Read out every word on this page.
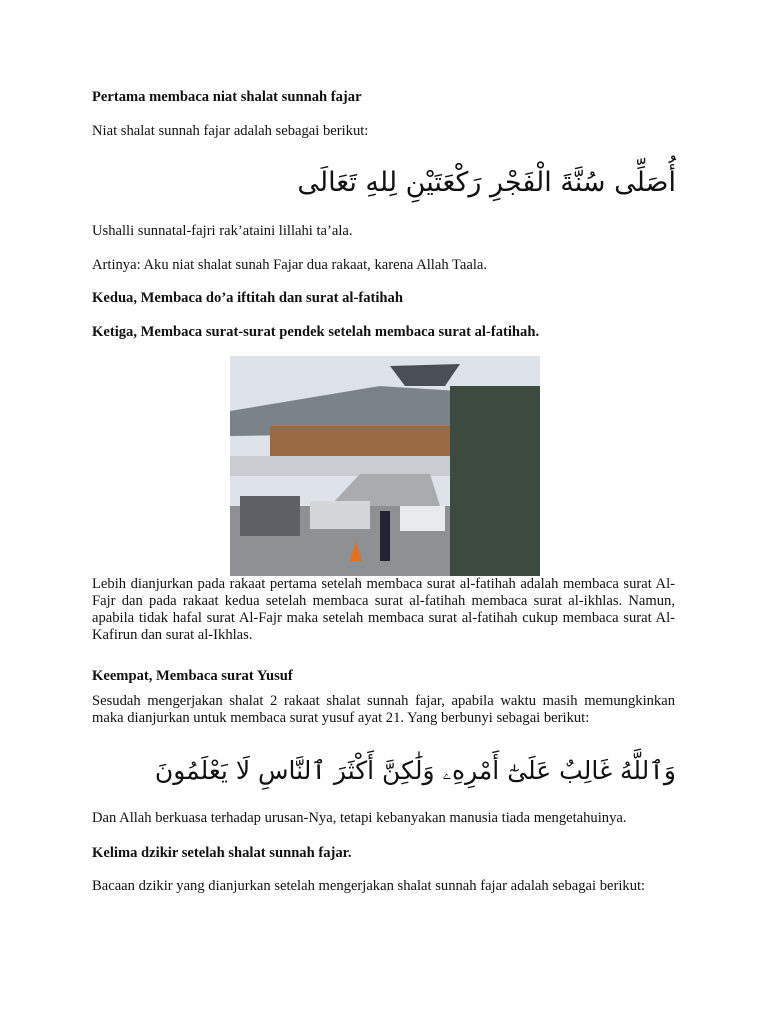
Pertama membaca niat shalat sunnah fajar

Niat shalat sunnah fajar adalah sebagai berikut:

أُصَلِّى سُنَّةَ الْفَجْرِ رَكْعَتَيْنِ لِلهِ تَعَالَى

Ushalli sunnatal-fajri rak’ataini lillahi ta’ala.

Artinya: Aku niat shalat sunah Fajar dua rakaat, karena Allah Taala.

Kedua, Membaca do’a iftitah dan surat al-fatihah

Ketiga, Membaca surat-surat pendek setelah membaca surat al-fatihah.

Lebih dianjurkan pada rakaat pertama setelah membaca surat al-fatihah adalah membaca surat Al-Fajr dan pada rakaat kedua setelah membaca surat al-fatihah membaca surat al-ikhlas. Namun, apabila tidak hafal surat Al-Fajr maka setelah membaca surat al-fatihah cukup membaca surat Al-Kafirun dan surat al-Ikhlas.

Keempat, Membaca surat Yusuf

Sesudah mengerjakan shalat 2 rakaat shalat sunnah fajar, apabila waktu masih memungkinkan maka dianjurkan untuk membaca surat yusuf ayat 21. Yang berbunyi sebagai berikut:

وَٱللَّهُ غَالِبٌ عَلَىٰٓ أَمْرِهِۦ وَلَٰكِنَّ أَكْثَرَ ٱلنَّاسِ لَا يَعْلَمُونَ

Dan Allah berkuasa terhadap urusan-Nya, tetapi kebanyakan manusia tiada mengetahuinya.

Kelima dzikir setelah shalat sunnah fajar.

Bacaan dzikir yang dianjurkan setelah mengerjakan shalat sunnah fajar adalah sebagai berikut:
